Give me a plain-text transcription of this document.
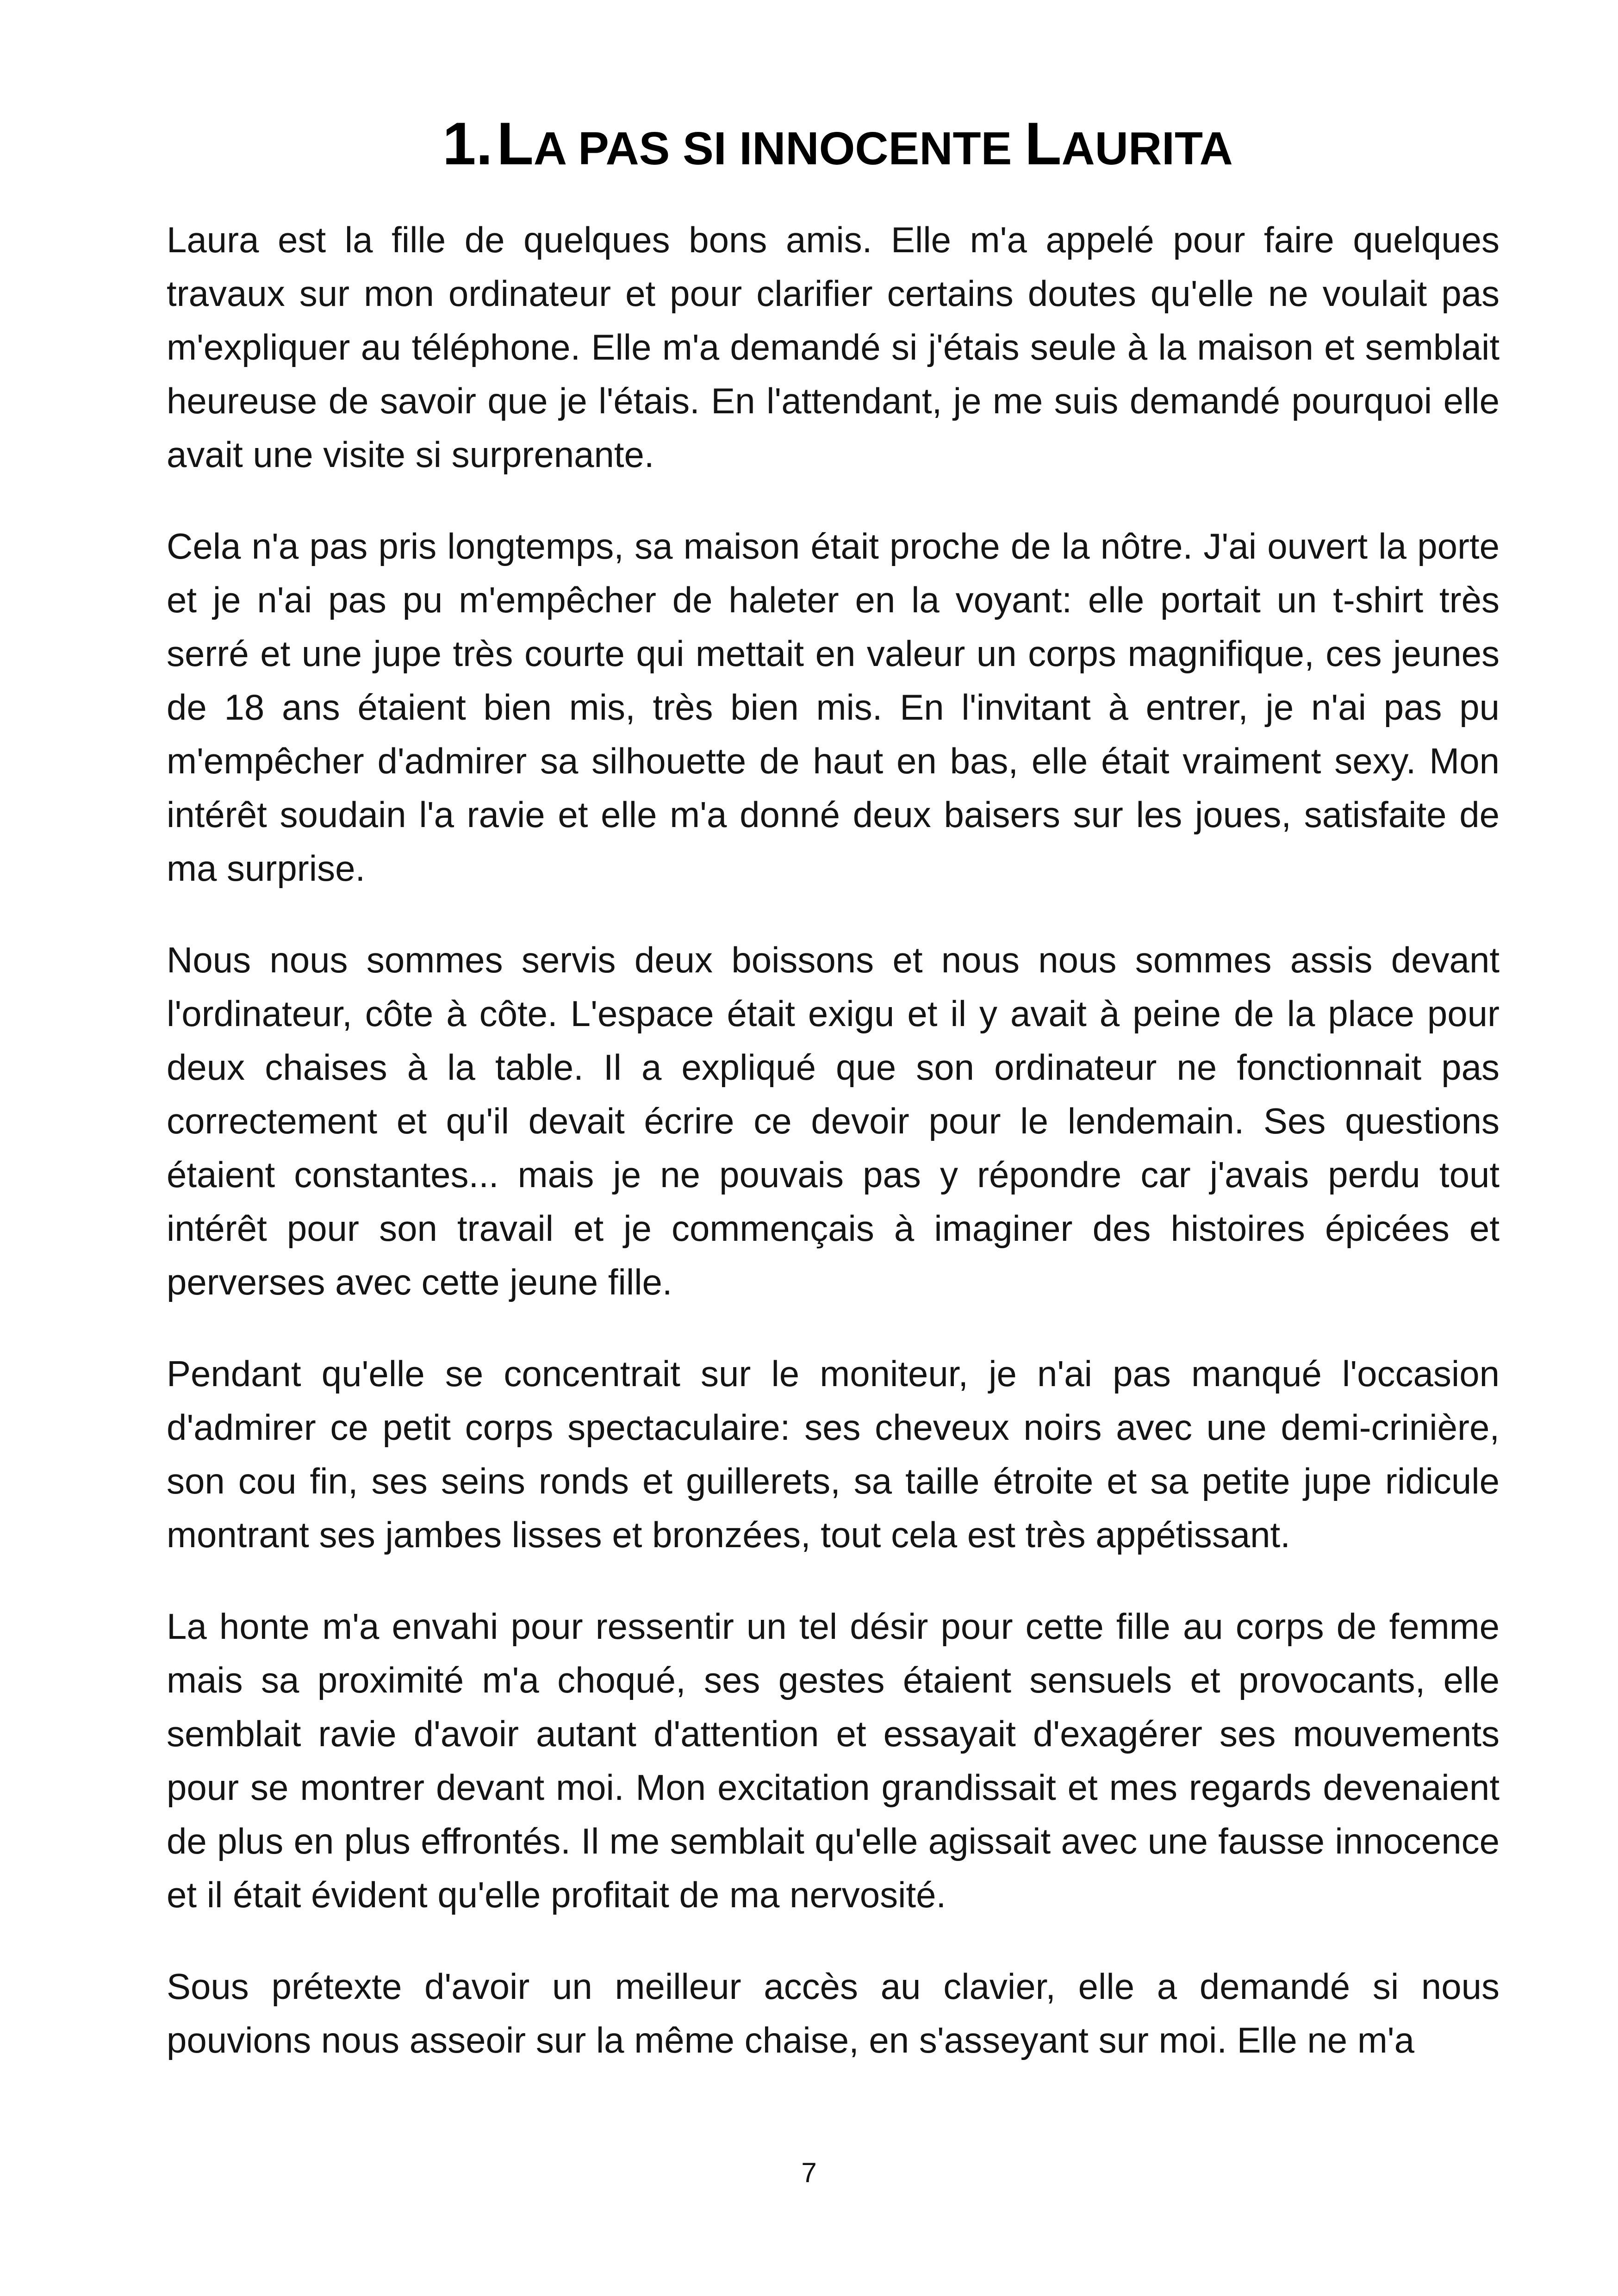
1. LA PAS SI INNOCENTE LAURITA

Laura est la fille de quelques bons amis. Elle m'a appelé pour faire quelques travaux sur mon ordinateur et pour clarifier certains doutes qu'elle ne voulait pas m'expliquer au téléphone. Elle m'a demandé si j'étais seule à la maison et semblait heureuse de savoir que je l'étais. En l'attendant, je me suis demandé pourquoi elle avait une visite si surprenante.

Cela n'a pas pris longtemps, sa maison était proche de la nôtre. J'ai ouvert la porte et je n'ai pas pu m'empêcher de haleter en la voyant: elle portait un t-shirt très serré et une jupe très courte qui mettait en valeur un corps magnifique, ces jeunes de 18 ans étaient bien mis, très bien mis. En l'invitant à entrer, je n'ai pas pu m'empêcher d'admirer sa silhouette de haut en bas, elle était vraiment sexy. Mon intérêt soudain l'a ravie et elle m'a donné deux baisers sur les joues, satisfaite de ma surprise.

Nous nous sommes servis deux boissons et nous nous sommes assis devant l'ordinateur, côte à côte. L'espace était exigu et il y avait à peine de la place pour deux chaises à la table. Il a expliqué que son ordinateur ne fonctionnait pas correctement et qu'il devait écrire ce devoir pour le lendemain. Ses questions étaient constantes... mais je ne pouvais pas y répondre car j'avais perdu tout intérêt pour son travail et je commençais à imaginer des histoires épicées et perverses avec cette jeune fille.

Pendant qu'elle se concentrait sur le moniteur, je n'ai pas manqué l'occasion d'admirer ce petit corps spectaculaire: ses cheveux noirs avec une demi-crinière, son cou fin, ses seins ronds et guillerets, sa taille étroite et sa petite jupe ridicule montrant ses jambes lisses et bronzées, tout cela est très appétissant.

La honte m'a envahi pour ressentir un tel désir pour cette fille au corps de femme mais sa proximité m'a choqué, ses gestes étaient sensuels et provocants, elle semblait ravie d'avoir autant d'attention et essayait d'exagérer ses mouvements pour se montrer devant moi. Mon excitation grandissait et mes regards devenaient de plus en plus effrontés. Il me semblait qu'elle agissait avec une fausse innocence et il était évident qu'elle profitait de ma nervosité.

Sous prétexte d'avoir un meilleur accès au clavier, elle a demandé si nous pouvions nous asseoir sur la même chaise, en s'asseyant sur moi. Elle ne m'a

7
